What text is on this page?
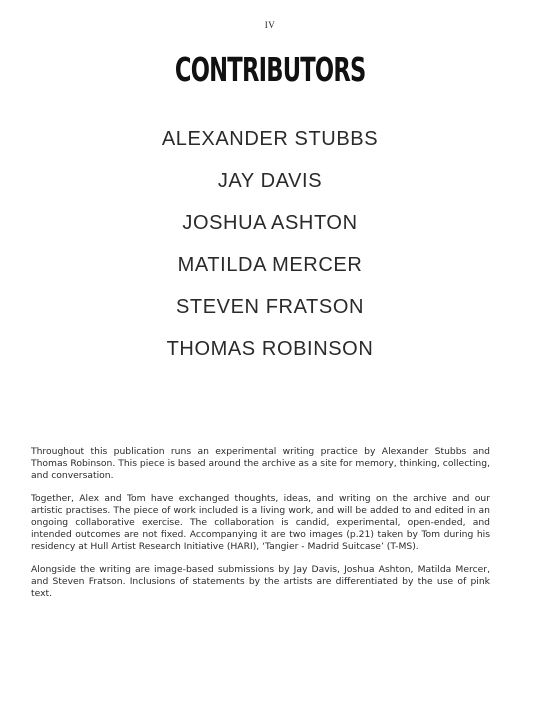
IV
CONTRIBUTORS
ALEXANDER STUBBS
JAY DAVIS
JOSHUA ASHTON
MATILDA MERCER
STEVEN FRATSON
THOMAS ROBINSON

Throughout this publication runs an experimental writing practice by Alexander Stubbs and Thomas Robinson. This piece is based around the archive as a site for memory, thinking, collecting, and conversation.

Together, Alex and Tom have exchanged thoughts, ideas, and writing on the archive and our artistic practises. The piece of work included is a living work, and will be added to and edited in an ongoing collaborative exercise. The collaboration is candid, experimental, open-ended, and intended outcomes are not fixed. Accompanying it are two images (p.21) taken by Tom during his residency at Hull Artist Research Initiative (HARI), ‘Tangier - Madrid Suitcase’ (T-MS).

Alongside the writing are image-based submissions by Jay Davis, Joshua Ashton, Matilda Mercer, and Steven Fratson. Inclusions of statements by the artists are differentiated by the use of pink text.
